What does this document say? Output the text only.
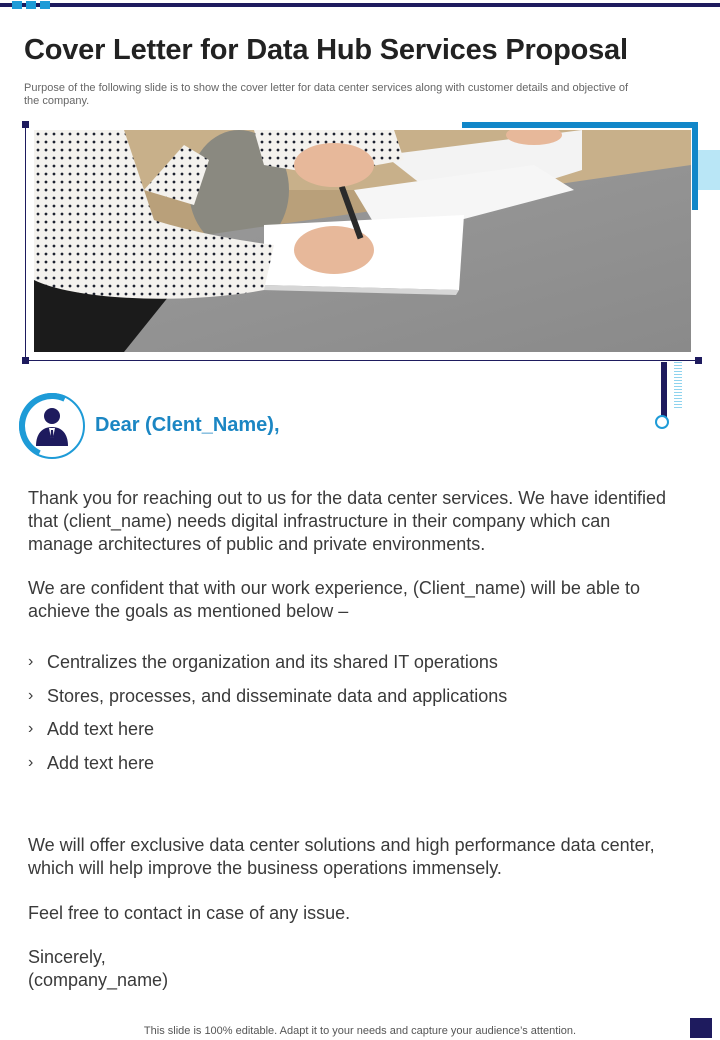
Cover Letter for Data Hub Services Proposal

Purpose of the following slide is to show the cover letter for data center services along with customer details and objective of the company.

Dear (Clent_Name),

Thank you for reaching out to us for the data center services. We have identified that (client_name) needs digital infrastructure in their company which can manage architectures of public and private environments.

We are confident that with our work experience, (Client_name) will be able to achieve the goals as mentioned below –

› Centralizes the organization and its shared IT operations
› Stores, processes, and disseminate data and applications
› Add text here
› Add text here

We will offer exclusive data center solutions and high performance data center, which will help improve the business operations immensely.

Feel free to contact in case of any issue.

Sincerely,

(company_name)

This slide is 100% editable. Adapt it to your needs and capture your audience’s attention.
